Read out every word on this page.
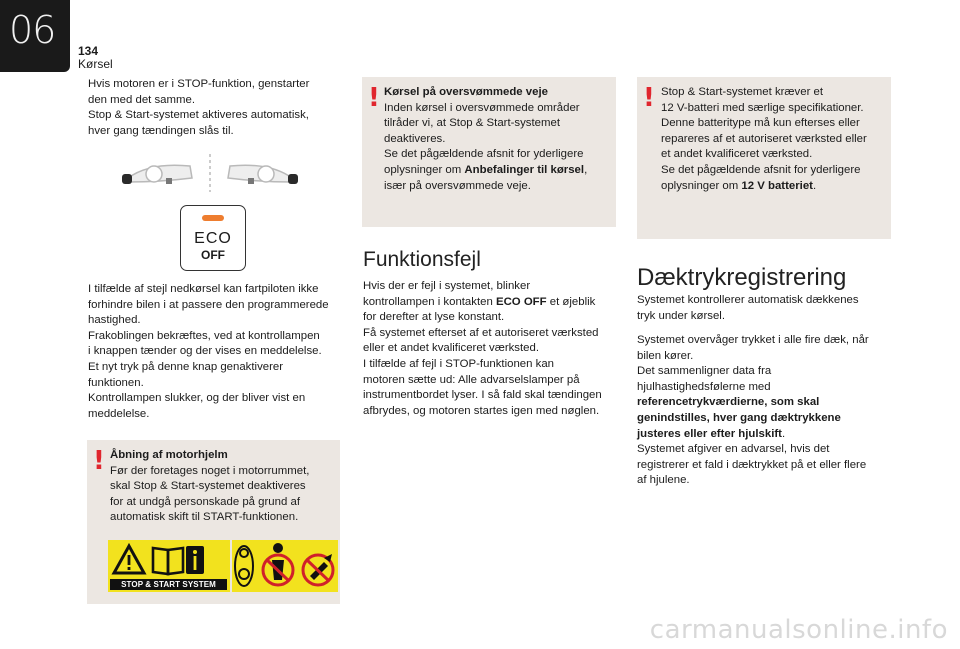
06 134
Kørsel

Hvis motoren er i STOP-funktion, genstarter
den med det samme.
Stop & Start-systemet aktiveres automatisk,
hver gang tændingen slås til.

ECO
OFF

I tilfælde af stejl nedkørsel kan fartpiloten ikke
forhindre bilen i at passere den programmerede
hastighed.
Frakoblingen bekræftes, ved at kontrollampen
i knappen tænder og der vises en meddelelse.
Et nyt tryk på denne knap genaktiverer
funktionen.
Kontrollampen slukker, og der bliver vist en
meddelelse.

! Åbning af motorhjelm
Før der foretages noget i motorrummet,
skal Stop & Start-systemet deaktiveres
for at undgå personskade på grund af
automatisk skift til START-funktionen.
STOP & START SYSTEM
! Kørsel på oversvømmede veje
Inden kørsel i oversvømmede områder
tilråder vi, at Stop & Start-systemet
deaktiveres.
Se det pågældende afsnit for yderligere
oplysninger om Anbefalinger til kørsel,
især på oversvømmede veje.
Funktionsfejl

Hvis der er fejl i systemet, blinker
kontrollampen i kontakten ECO OFF et øjeblik
for derefter at lyse konstant.
Få systemet efterset af et autoriseret værksted
eller et andet kvalificeret værksted.
I tilfælde af fejl i STOP-funktionen kan
motoren sætte ud: Alle advarselslamper på
instrumentbordet lyser. I så fald skal tændingen
afbrydes, og motoren startes igen med nøglen.

! Stop & Start-systemet kræver et
12 V-batteri med særlige specifikationer.
Denne batteritype må kun efterses eller
repareres af et autoriseret værksted eller
et andet kvalificeret værksted.
Se det pågældende afsnit for yderligere
oplysninger om 12 V batteriet.
Dæktrykregistrering

Systemet kontrollerer automatisk dækkenes
tryk under kørsel.

Systemet overvåger trykket i alle fire dæk, når
bilen kører.
Det sammenligner data fra
hjulhastighedsfølerne med
referencetrykværdierne, som skal
genindstilles, hver gang dæktrykkene
justeres eller efter hjulskift.
Systemet afgiver en advarsel, hvis det
registrerer et fald i dæktrykket på et eller flere
af hjulene.

carmanualsonline.info
